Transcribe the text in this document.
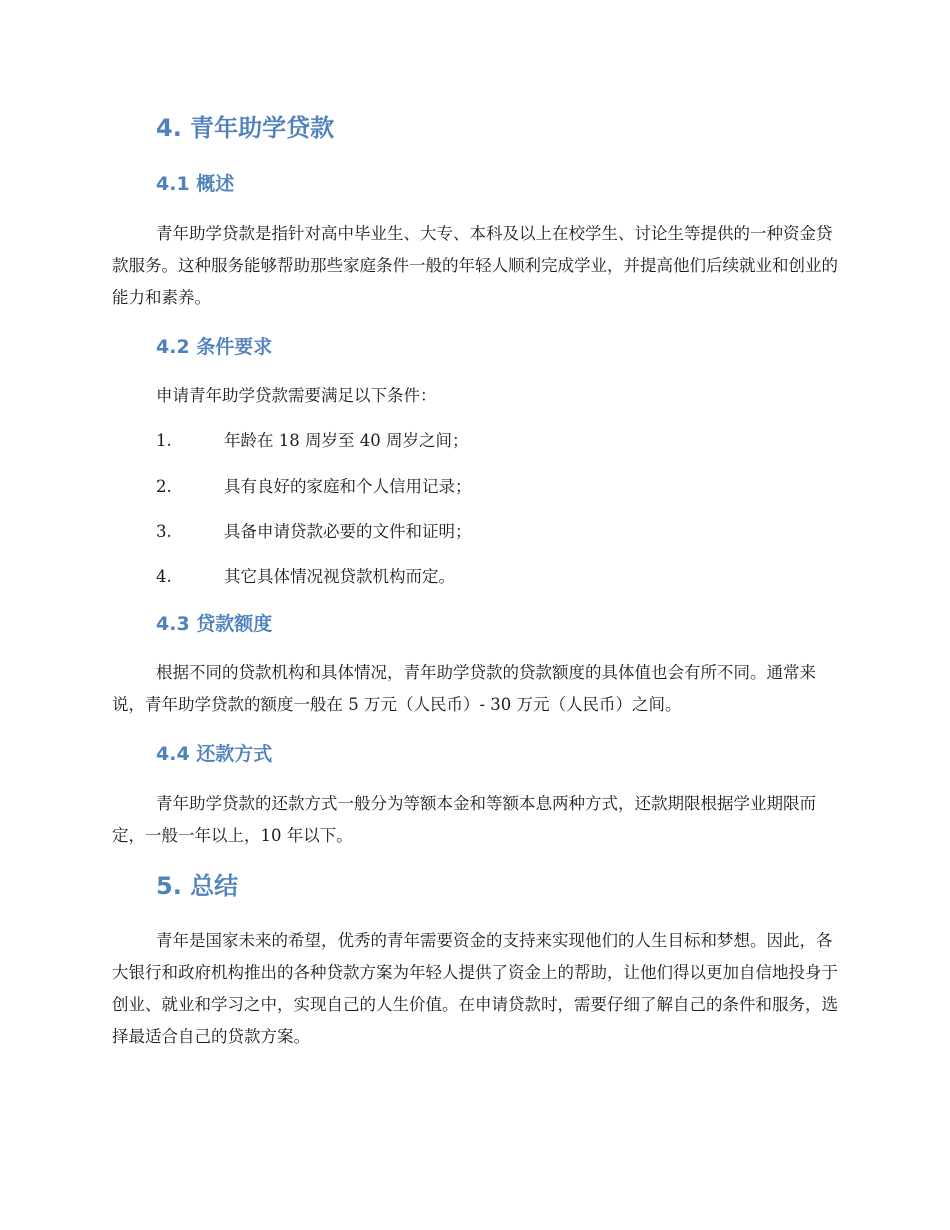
4. 青年助学贷款
4.1 概述

青年助学贷款是指针对高中毕业生、大专、本科及以上在校学生、讨论生等提供的一种资金贷款服务。这种服务能够帮助那些家庭条件一般的年轻人顺利完成学业，并提高他们后续就业和创业的能力和素养。

4.2 条件要求

申请青年助学贷款需要满足以下条件：

1.	年龄在 18 周岁至 40 周岁之间；
2.	具有良好的家庭和个人信用记录；
3.	具备申请贷款必要的文件和证明；
4.	其它具体情况视贷款机构而定。
4.3 贷款额度

根据不同的贷款机构和具体情况，青年助学贷款的贷款额度的具体值也会有所不同。通常来说，青年助学贷款的额度一般在 5 万元（人民币）- 30 万元（人民币）之间。

4.4 还款方式

青年助学贷款的还款方式一般分为等额本金和等额本息两种方式，还款期限根据学业期限而定，一般一年以上，10 年以下。

5. 总结

青年是国家未来的希望，优秀的青年需要资金的支持来实现他们的人生目标和梦想。因此，各大银行和政府机构推出的各种贷款方案为年轻人提供了资金上的帮助，让他们得以更加自信地投身于创业、就业和学习之中，实现自己的人生价值。在申请贷款时，需要仔细了解自己的条件和服务，选择最适合自己的贷款方案。
